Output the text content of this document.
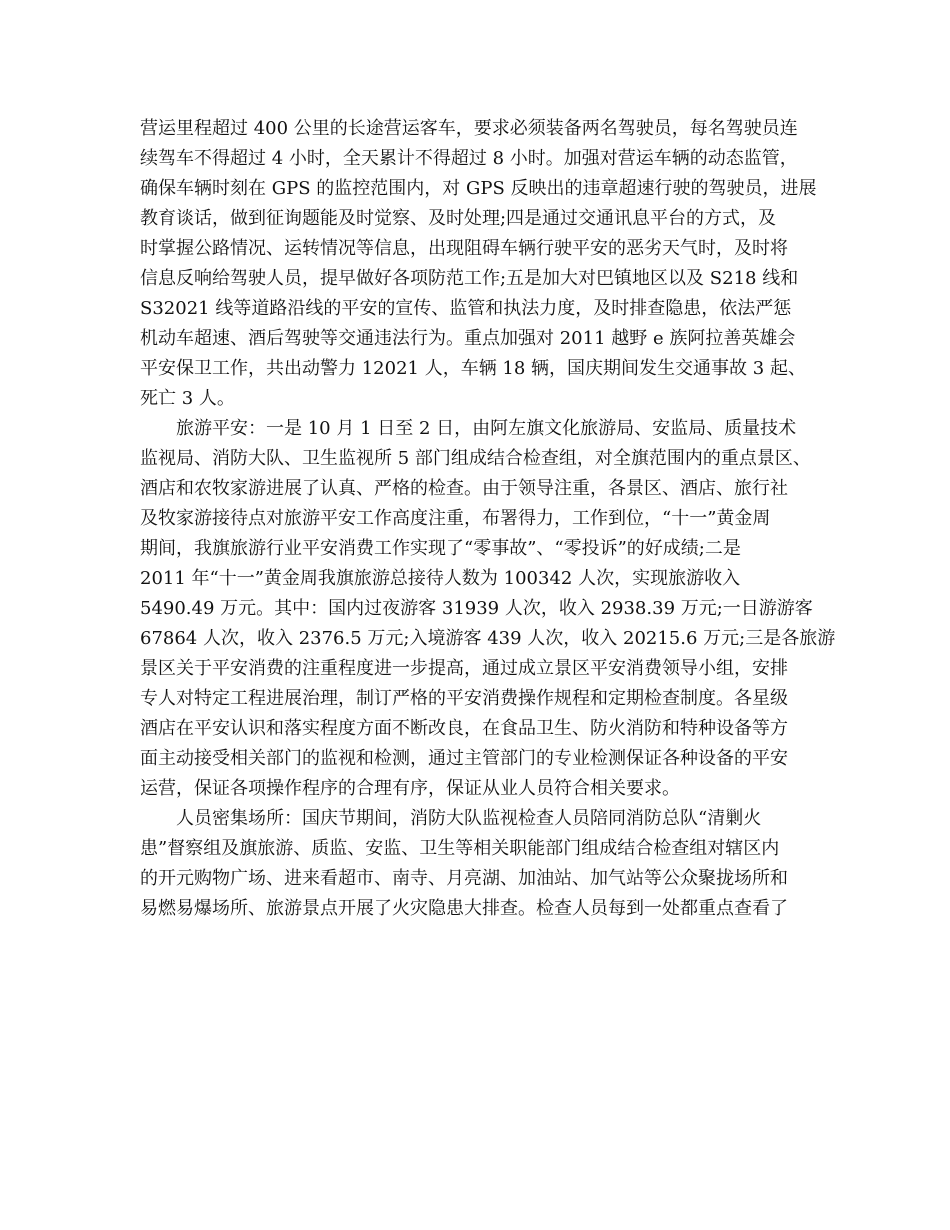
营运里程超过 400 公里的长途营运客车，要求必须装备两名驾驶员，每名驾驶员连
续驾车不得超过 4 小时，全天累计不得超过 8 小时。加强对营运车辆的动态监管，
确保车辆时刻在 GPS 的监控范围内，对 GPS 反映出的违章超速行驶的驾驶员，进展
教育谈话，做到征询题能及时觉察、及时处理;四是通过交通讯息平台的方式，及
时掌握公路情况、运转情况等信息，出现阻碍车辆行驶平安的恶劣天气时，及时将
信息反响给驾驶人员，提早做好各项防范工作;五是加大对巴镇地区以及 S218 线和
S32021 线等道路沿线的平安的宣传、监管和执法力度，及时排查隐患，依法严惩
机动车超速、酒后驾驶等交通违法行为。重点加强对 2011 越野 e 族阿拉善英雄会
平安保卫工作，共出动警力 12021 人，车辆 18 辆，国庆期间发生交通事故 3 起、
死亡 3 人。
旅游平安：一是 10 月 1 日至 2 日，由阿左旗文化旅游局、安监局、质量技术
监视局、消防大队、卫生监视所 5 部门组成结合检查组，对全旗范围内的重点景区、
酒店和农牧家游进展了认真、严格的检查。由于领导注重，各景区、酒店、旅行社
及牧家游接待点对旅游平安工作高度注重，布署得力，工作到位，“十一”黄金周
期间，我旗旅游行业平安消费工作实现了“零事故”、“零投诉”的好成绩;二是
2011 年“十一”黄金周我旗旅游总接待人数为 100342 人次，实现旅游收入
5490.49 万元。其中：国内过夜游客 31939 人次，收入 2938.39 万元;一日游游客
67864 人次，收入 2376.5 万元;入境游客 439 人次，收入 20215.6 万元;三是各旅游
景区关于平安消费的注重程度进一步提高，通过成立景区平安消费领导小组，安排
专人对特定工程进展治理，制订严格的平安消费操作规程和定期检查制度。各星级
酒店在平安认识和落实程度方面不断改良，在食品卫生、防火消防和特种设备等方
面主动接受相关部门的监视和检测，通过主管部门的专业检测保证各种设备的平安
运营，保证各项操作程序的合理有序，保证从业人员符合相关要求。
人员密集场所：国庆节期间，消防大队监视检查人员陪同消防总队“清剿火
患”督察组及旗旅游、质监、安监、卫生等相关职能部门组成结合检查组对辖区内
的开元购物广场、进来看超市、南寺、月亮湖、加油站、加气站等公众聚拢场所和
易燃易爆场所、旅游景点开展了火灾隐患大排查。检查人员每到一处都重点查看了
